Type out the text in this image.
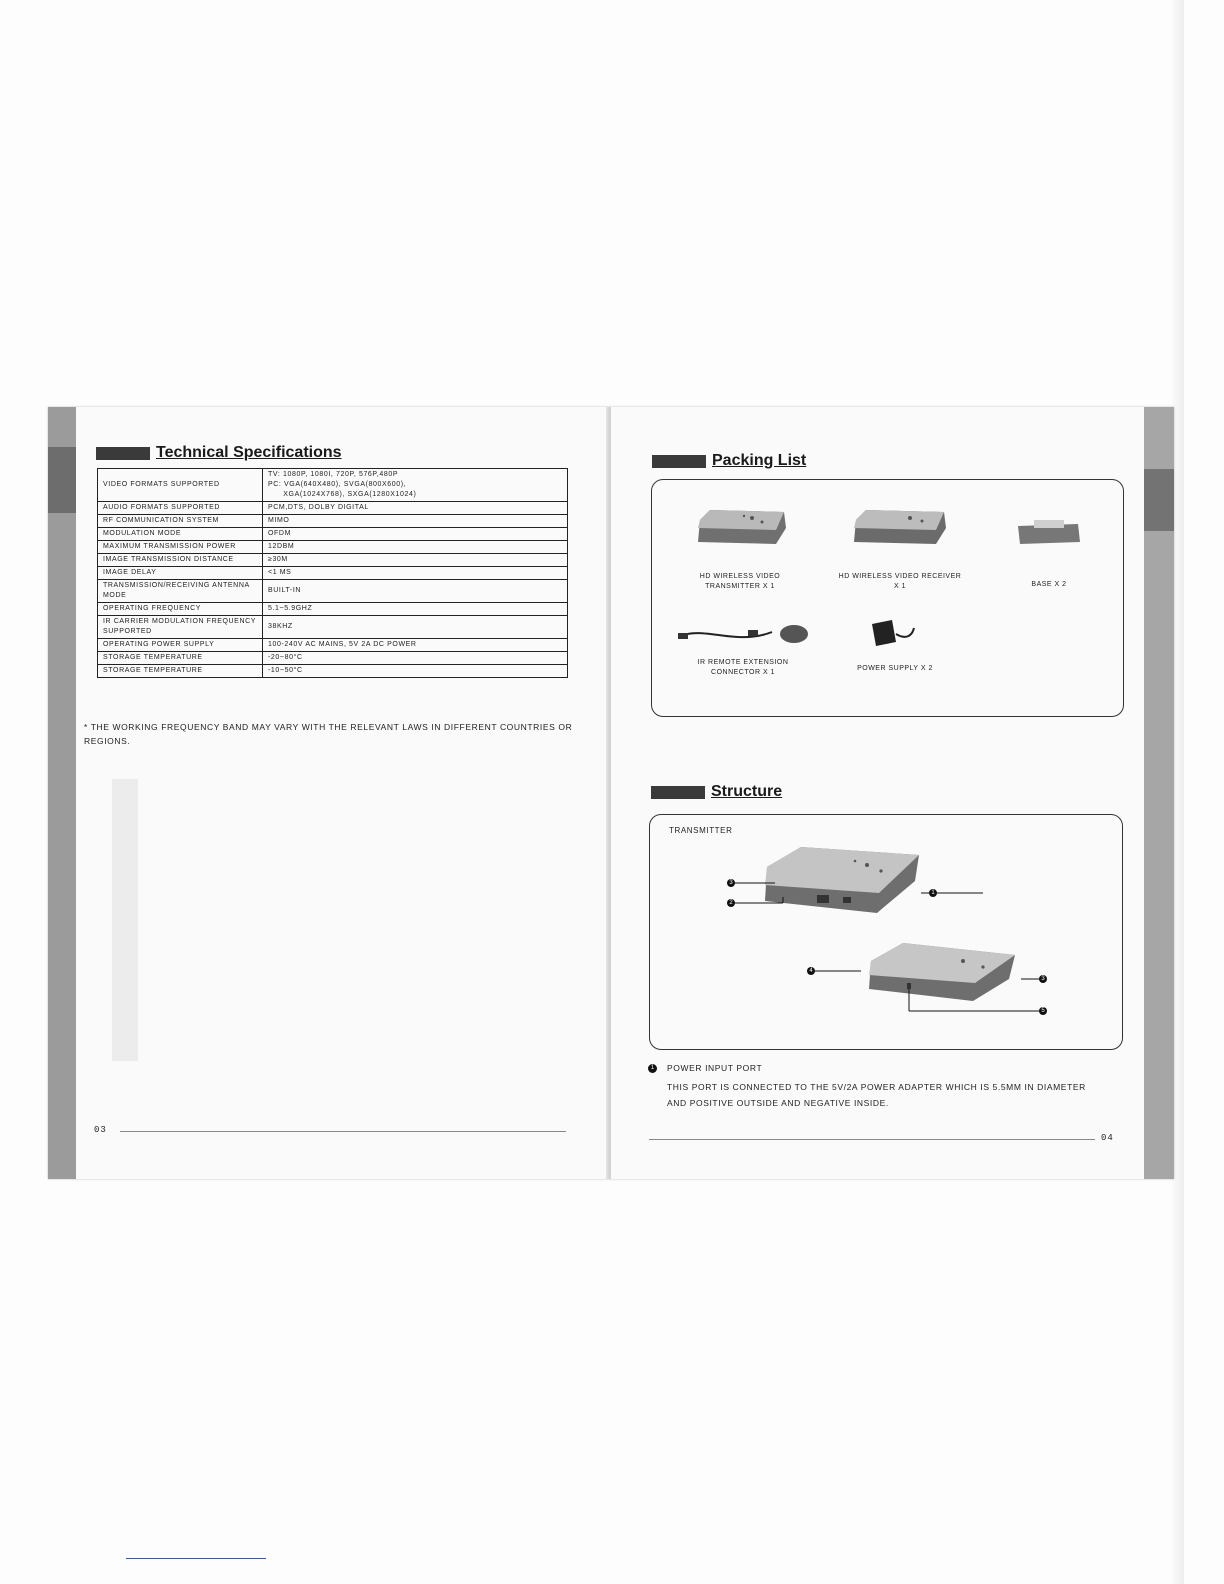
Technical Specifications
VIDEO FORMATS SUPPORTED	TV: 1080P, 1080I, 720P, 576P,480P
PC: VGA(640X480), SVGA(800X600),
XGA(1024X768), SXGA(1280X1024)
AUDIO FORMATS SUPPORTED	PCM,DTS, DOLBY DIGITAL
RF COMMUNICATION SYSTEM	MIMO
MODULATION MODE	OFDM
MAXIMUM TRANSMISSION POWER	12DBM
IMAGE TRANSMISSION DISTANCE	≥30M
IMAGE DELAY	<1 MS
TRANSMISSION/RECEIVING ANTENNA MODE	BUILT-IN
OPERATING FREQUENCY	5.1~5.9GHZ
IR CARRIER MODULATION FREQUENCY SUPPORTED	38KHZ
OPERATING POWER SUPPLY	100-240V AC MAINS, 5V 2A DC POWER
STORAGE TEMPERATURE	-20~80°C
STORAGE TEMPERATURE	-10~50°C
* THE WORKING FREQUENCY BAND MAY VARY WITH THE RELEVANT LAWS IN DIFFERENT COUNTRIES OR REGIONS.
03
Packing List
HD WIRELESS VIDEO TRANSMITTER X 1
HD WIRELESS VIDEO RECEIVER X 1	BASE X 2
IR REMOTE EXTENSION CONNECTOR X 1
POWER SUPPLY X 2
Structure
TRANSMITTER
3
2
1
4
3
5
1	POWER INPUT PORT
THIS PORT IS CONNECTED TO THE 5V/2A POWER ADAPTER WHICH IS 5.5MM IN DIAMETER AND POSITIVE OUTSIDE AND NEGATIVE INSIDE.
04
